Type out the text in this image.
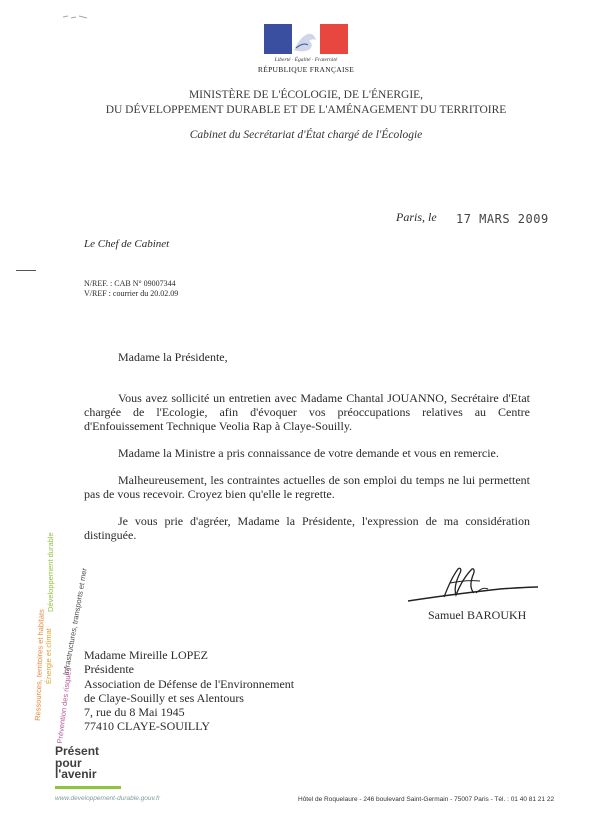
Liberté · Égalité · Fraternité
RÉPUBLIQUE FRANÇAISE
MINISTÈRE DE L'ÉCOLOGIE, DE L'ÉNERGIE,
DU DÉVELOPPEMENT DURABLE ET DE L'AMÉNAGEMENT DU TERRITOIRE
Cabinet du Secrétariat d'État chargé de l'Écologie
Paris, le 17 MARS 2009
Le Chef de Cabinet
N/REF. : CAB N° 09007344
V/REF : courrier du 20.02.09
Madame la Présidente,

Vous avez sollicité un entretien avec Madame Chantal JOUANNO, Secrétaire d'Etat chargée de l'Ecologie, afin d'évoquer vos préoccupations relatives au Centre d'Enfouissement Technique Veolia Rap à Claye-Souilly.

Madame la Ministre a pris connaissance de votre demande et vous en remercie.

Malheureusement, les contraintes actuelles de son emploi du temps ne lui permettent pas de vous recevoir. Croyez bien qu'elle le regrette.

Je vous prie d'agréer, Madame la Présidente, l'expression de ma considération distinguée.

Samuel BAROUKH
Madame Mireille LOPEZ
Présidente
Association de Défense de l'Environnement
de Claye-Souilly et ses Alentours
7, rue du 8 Mai 1945
77410 CLAYE-SOUILLY
Développement durable Infrastructures, transports et mer
Énergie et climat
Prévention des risques
Ressources, territoires et habitats
Présent
pour
l'avenir
www.developpement-durable.gouv.fr	Hôtel de Roquelaure - 246 boulevard Saint-Germain - 75007 Paris - Tél. : 01 40 81 21 22
